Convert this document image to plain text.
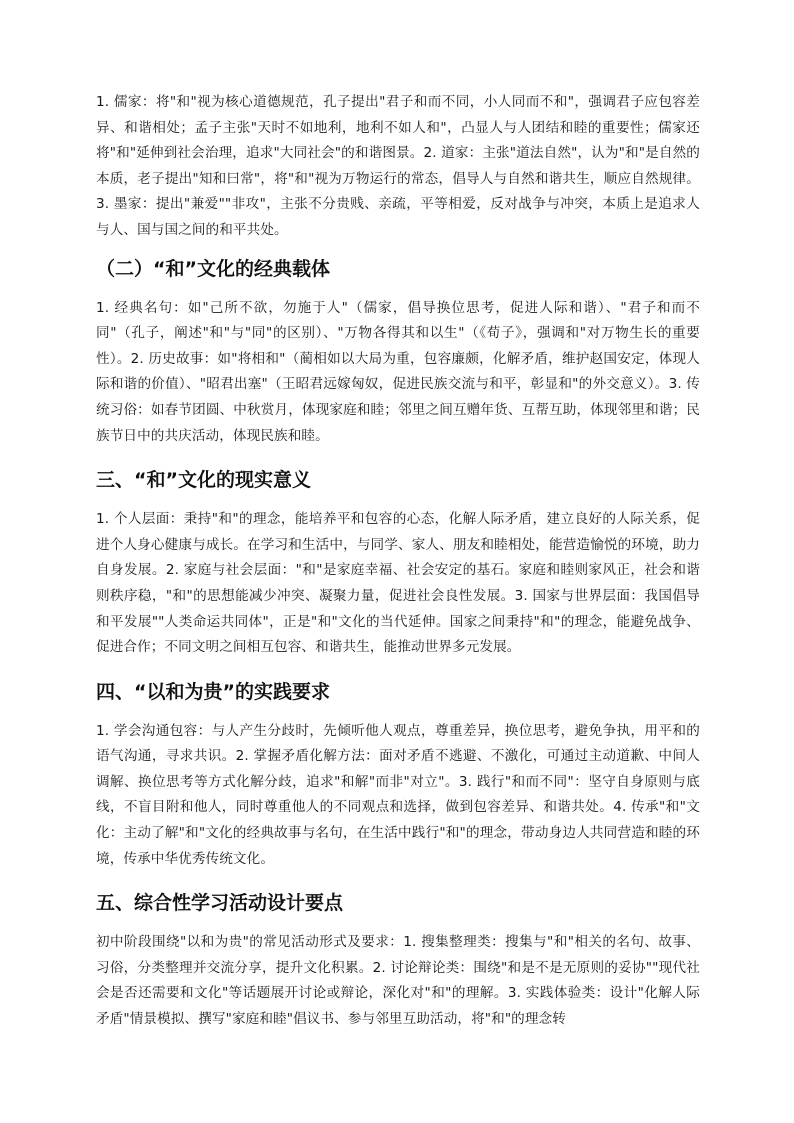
1. 儒家：将"和"视为核心道德规范，孔子提出"君子和而不同，小人同而不和"，强调君子应包容差异、和谐相处；孟子主张"天时不如地利，地利不如人和"，凸显人与人团结和睦的重要性；儒家还将"和"延伸到社会治理，追求"大同社会"的和谐图景。2. 道家：主张"道法自然"，认为"和"是自然的本质，老子提出"知和曰常"，将"和"视为万物运行的常态，倡导人与自然和谐共生，顺应自然规律。3. 墨家：提出"兼爱""非攻"，主张不分贵贱、亲疏，平等相爱，反对战争与冲突，本质上是追求人与人、国与国之间的和平共处。

（二）“和”文化的经典载体

1. 经典名句：如"己所不欲，勿施于人"（儒家，倡导换位思考，促进人际和谐）、"君子和而不同"（孔子，阐述"和"与"同"的区别）、"万物各得其和以生"（《荀子》，强调和"对万物生长的重要性）。2. 历史故事：如"将相和"（蔺相如以大局为重，包容廉颇，化解矛盾，维护赵国安定，体现人际和谐的价值）、"昭君出塞"（王昭君远嫁匈奴，促进民族交流与和平，彰显和"的外交意义）。3. 传统习俗：如春节团圆、中秋赏月，体现家庭和睦；邻里之间互赠年货、互帮互助，体现邻里和谐；民族节日中的共庆活动，体现民族和睦。

三、“和”文化的现实意义

1. 个人层面：秉持"和"的理念，能培养平和包容的心态，化解人际矛盾，建立良好的人际关系，促进个人身心健康与成长。在学习和生活中，与同学、家人、朋友和睦相处，能营造愉悦的环境，助力自身发展。2. 家庭与社会层面："和"是家庭幸福、社会安定的基石。家庭和睦则家风正，社会和谐则秩序稳，"和"的思想能减少冲突、凝聚力量，促进社会良性发展。3. 国家与世界层面：我国倡导和平发展""人类命运共同体"，正是"和"文化的当代延伸。国家之间秉持"和"的理念，能避免战争、促进合作；不同文明之间相互包容、和谐共生，能推动世界多元发展。

四、“以和为贵”的实践要求

1. 学会沟通包容：与人产生分歧时，先倾听他人观点，尊重差异，换位思考，避免争执，用平和的语气沟通，寻求共识。2. 掌握矛盾化解方法：面对矛盾不逃避、不激化，可通过主动道歉、中间人调解、换位思考等方式化解分歧，追求"和解"而非"对立"。3. 践行"和而不同"：坚守自身原则与底线，不盲目附和他人，同时尊重他人的不同观点和选择，做到包容差异、和谐共处。4. 传承"和"文化：主动了解"和"文化的经典故事与名句，在生活中践行"和"的理念，带动身边人共同营造和睦的环境，传承中华优秀传统文化。

五、综合性学习活动设计要点

初中阶段围绕"以和为贵"的常见活动形式及要求：1. 搜集整理类：搜集与"和"相关的名句、故事、习俗，分类整理并交流分享，提升文化积累。2. 讨论辩论类：围绕"和是不是无原则的妥协""现代社会是否还需要和文化"等话题展开讨论或辩论，深化对"和"的理解。3. 实践体验类：设计"化解人际矛盾"情景模拟、撰写"家庭和睦"倡议书、参与邻里互助活动，将"和"的理念转
